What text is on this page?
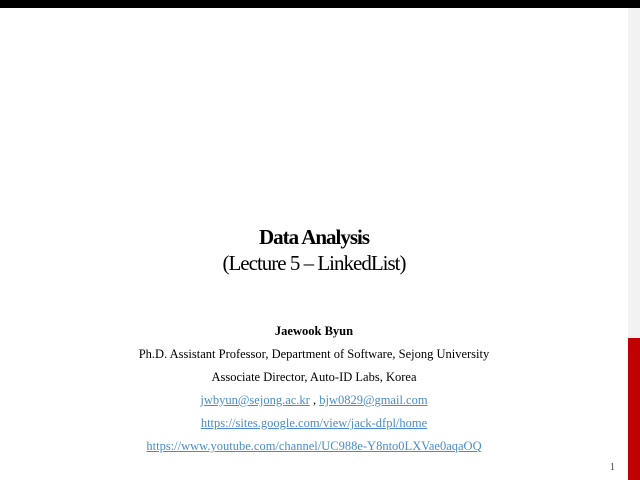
Data Analysis
(Lecture 5 – LinkedList)
Jaewook Byun
Ph.D. Assistant Professor, Department of Software, Sejong University
Associate Director, Auto-ID Labs, Korea
jwbyun@sejong.ac.kr , bjw0829@gmail.com
https://sites.google.com/view/jack-dfpl/home
https://www.youtube.com/channel/UC988e-Y8nto0LXVae0aqaOQ
1
